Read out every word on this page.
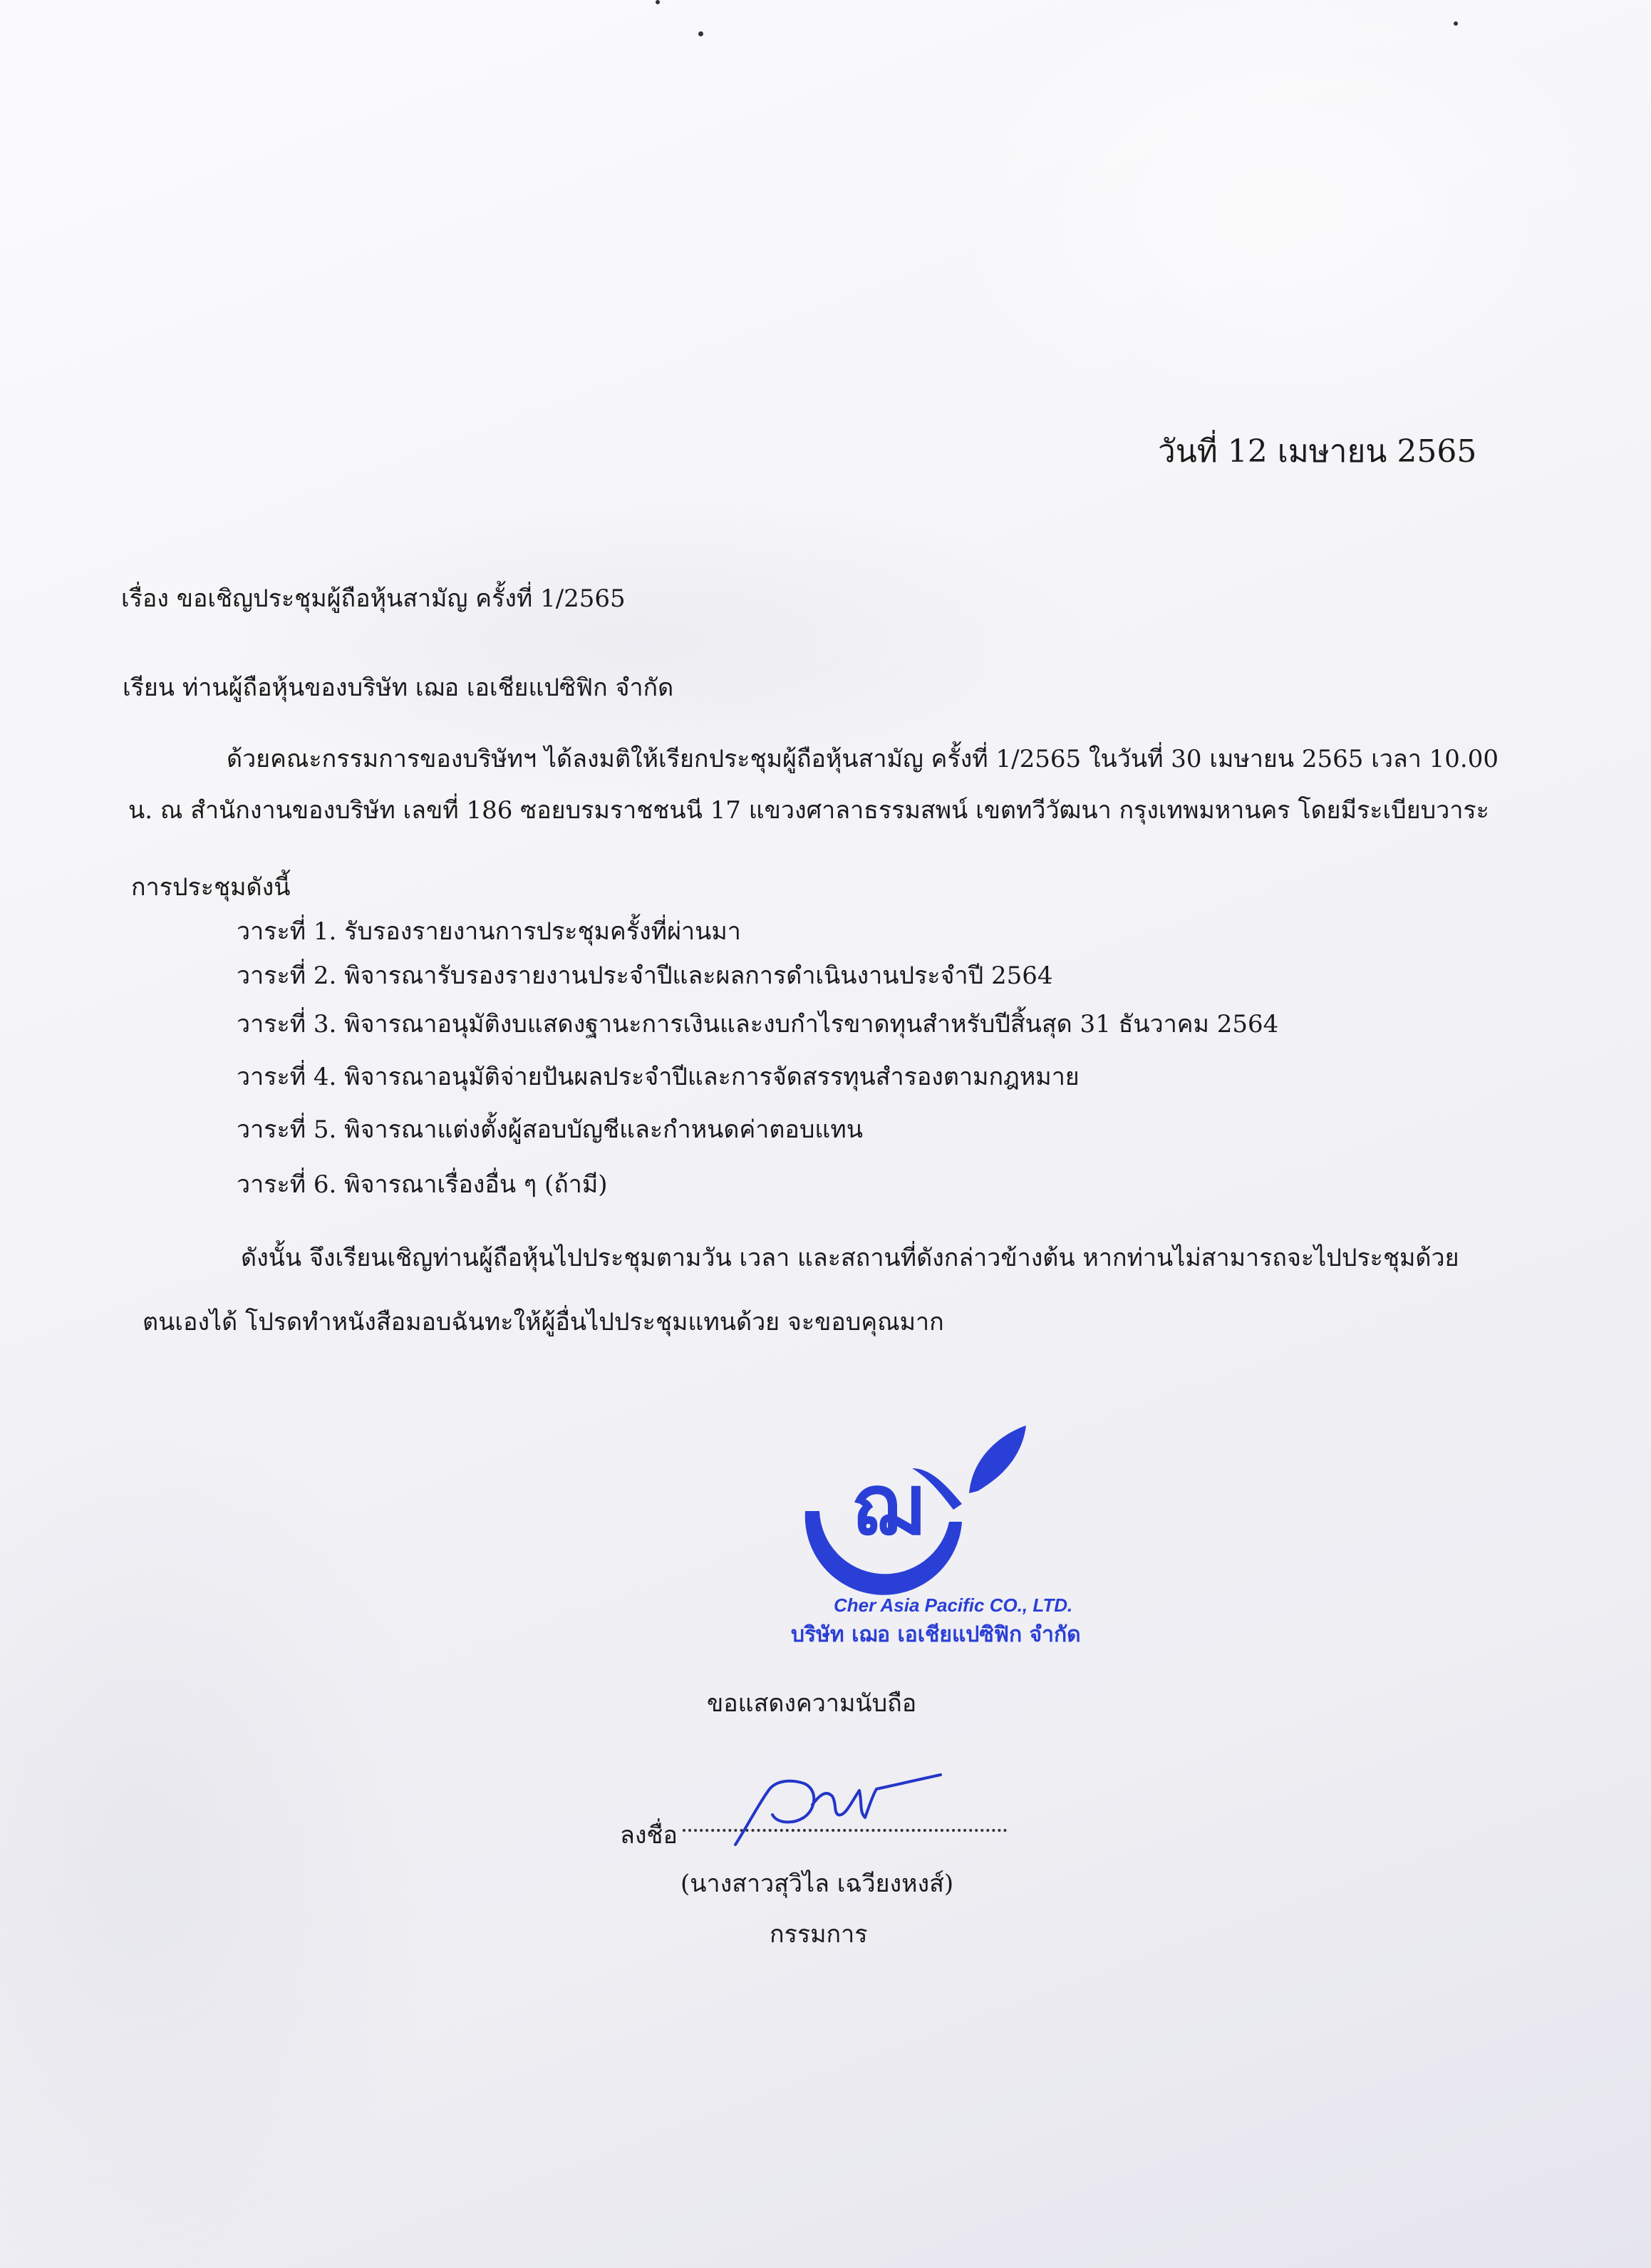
วันที่ 12 เมษายน 2565
เรื่อง ขอเชิญประชุมผู้ถือหุ้นสามัญ ครั้งที่ 1/2565
เรียน ท่านผู้ถือหุ้นของบริษัท เฌอ เอเชียแปซิฟิก จำกัด
ด้วยคณะกรรมการของบริษัทฯ ได้ลงมติให้เรียกประชุมผู้ถือหุ้นสามัญ ครั้งที่ 1/2565 ในวันที่ 30 เมษายน 2565 เวลา 10.00
น. ณ สำนักงานของบริษัท เลขที่ 186 ซอยบรมราชชนนี 17 แขวงศาลาธรรมสพน์ เขตทวีวัฒนา กรุงเทพมหานคร โดยมีระเบียบวาระ
การประชุมดังนี้
วาระที่ 1. รับรองรายงานการประชุมครั้งที่ผ่านมา
วาระที่ 2. พิจารณารับรองรายงานประจำปีและผลการดำเนินงานประจำปี 2564
วาระที่ 3. พิจารณาอนุมัติงบแสดงฐานะการเงินและงบกำไรขาดทุนสำหรับปีสิ้นสุด 31 ธันวาคม 2564
วาระที่ 4. พิจารณาอนุมัติจ่ายปันผลประจำปีและการจัดสรรทุนสำรองตามกฎหมาย
วาระที่ 5. พิจารณาแต่งตั้งผู้สอบบัญชีและกำหนดค่าตอบแทน
วาระที่ 6. พิจารณาเรื่องอื่น ๆ (ถ้ามี)
ดังนั้น จึงเรียนเชิญท่านผู้ถือหุ้นไปประชุมตามวัน เวลา และสถานที่ดังกล่าวข้างต้น หากท่านไม่สามารถจะไปประชุมด้วย
ตนเองได้ โปรดทำหนังสือมอบฉันทะให้ผู้อื่นไปประชุมแทนด้วย จะขอบคุณมาก
ฌ
Cher Asia Pacific CO., LTD.
บริษัท เฌอ เอเชียแปซิฟิก จำกัด
ขอแสดงความนับถือ
ลงชื่อ
(นางสาวสุวิไล เฉวียงหงส์)
กรรมการ
